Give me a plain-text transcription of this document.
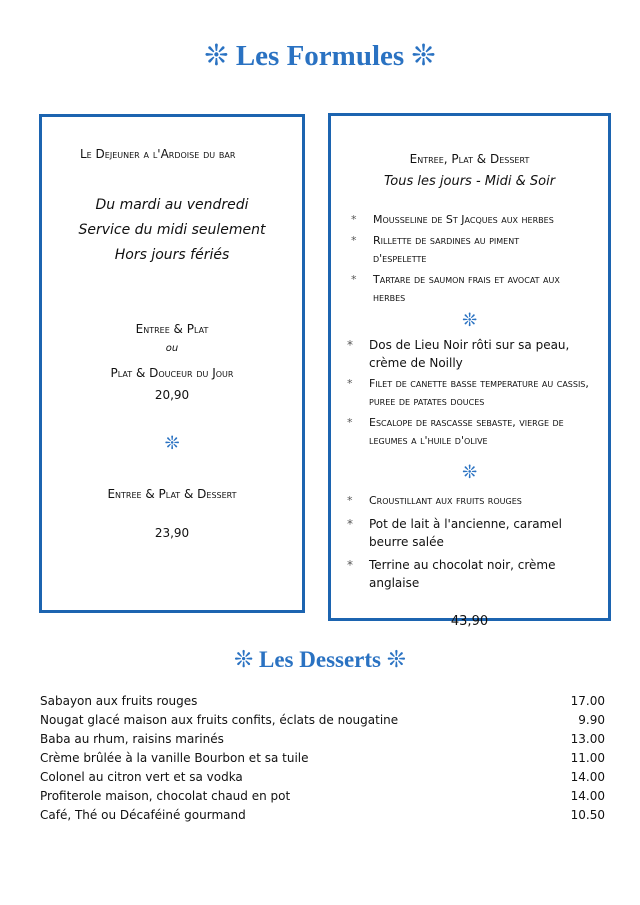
❊ Les Formules ❊
Le Dejeuner a l'Ardoise du bar
Du mardi au vendredi
Service du midi seulement
Hors jours fériés
Entree & Plat
ou
Plat & Douceur du Jour
20,90
❊
Entree & Plat & Dessert
23,90
Entree, Plat & Dessert
Tous les jours - Midi & Soir
*	Mousseline de St Jacques aux herbes
*	Rillette de sardines au piment d'espelette
*	Tartare de saumon frais et avocat aux herbes
❊
*	Dos de Lieu Noir rôti sur sa peau, crème de Noilly
*	Filet de canette basse temperature au cassis, puree de patates douces
*	Escalope de rascasse sebaste, vierge de legumes a l'huile d'olive
❊
*	Croustillant aux fruits rouges
*	Pot de lait à l'ancienne, caramel beurre salée
*	Terrine au chocolat noir, crème anglaise
43,90
❊ Les Desserts ❊
Sabayon aux fruits rouges	17.00
Nougat glacé maison aux fruits confits, éclats de nougatine	9.90
Baba au rhum, raisins marinés	13.00
Crème brûlée à la vanille Bourbon et sa tuile	11.00
Colonel au citron vert et sa vodka	14.00
Profiterole maison, chocolat chaud en pot	14.00
Café, Thé ou Décaféiné gourmand	10.50
